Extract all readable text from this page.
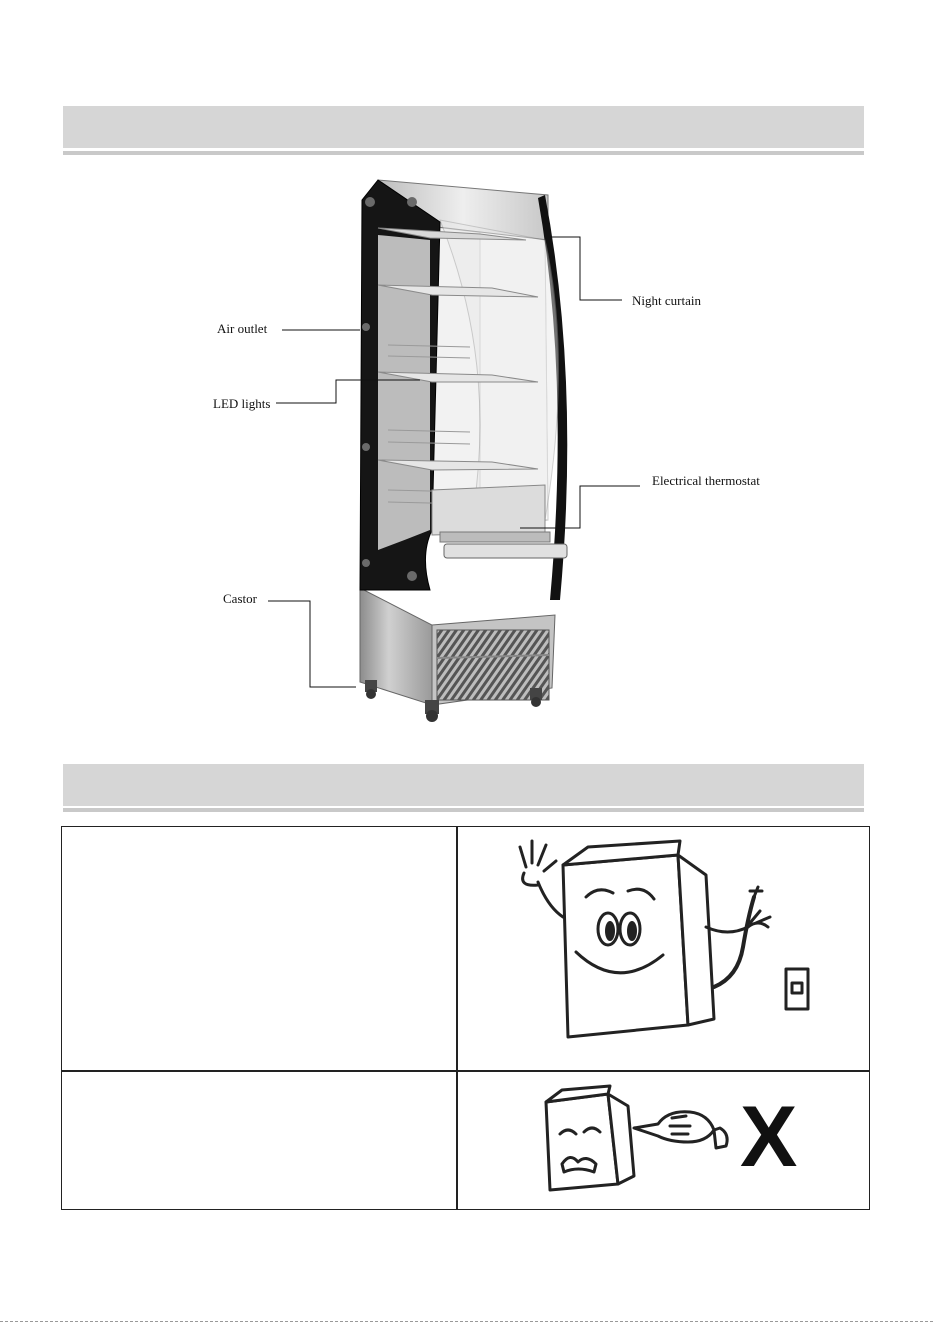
Night curtain
Air outlet
LED lights
Electrical thermostat
Castor
X
